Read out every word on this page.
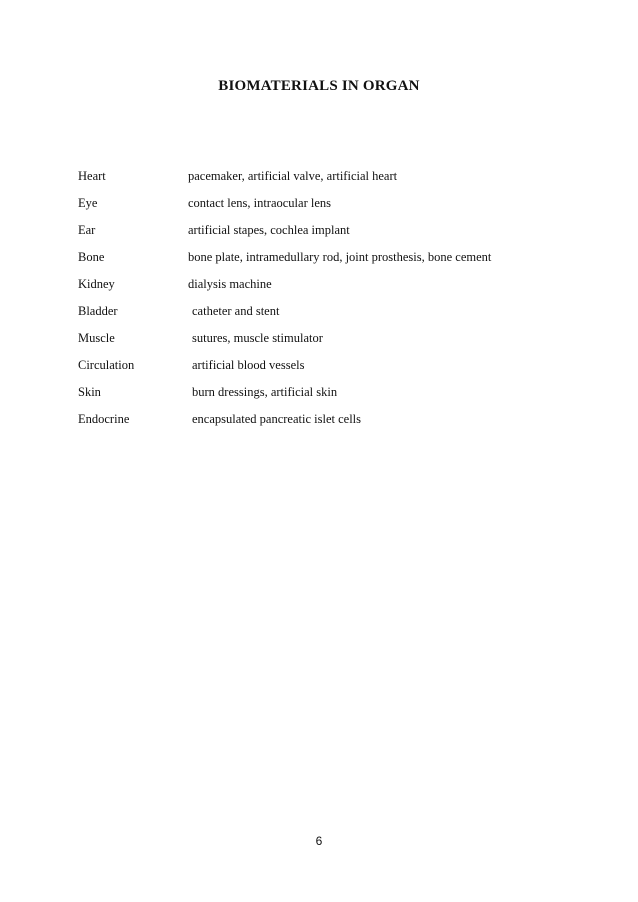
BIOMATERIALS IN ORGAN
Heart	pacemaker, artificial valve, artificial heart
Eye	contact lens, intraocular lens
Ear	artificial stapes, cochlea implant
Bone	bone plate, intramedullary rod, joint prosthesis, bone cement
Kidney	dialysis machine
Bladder	catheter and stent
Muscle	sutures, muscle stimulator
Circulation	artificial blood vessels
Skin	burn dressings, artificial skin
Endocrine	encapsulated pancreatic islet cells
6
